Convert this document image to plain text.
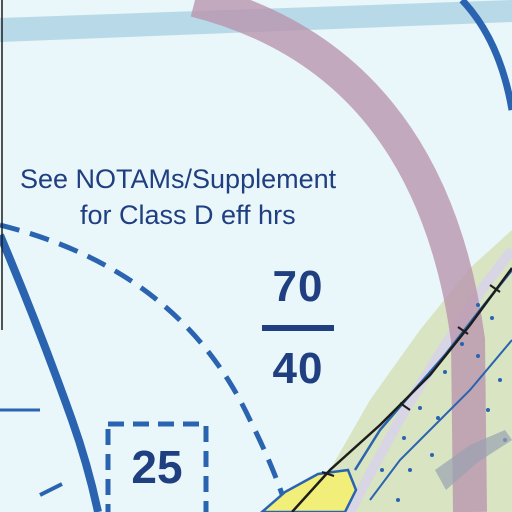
See NOTAMs/Supplement
for Class D eff hrs
70
40
25
